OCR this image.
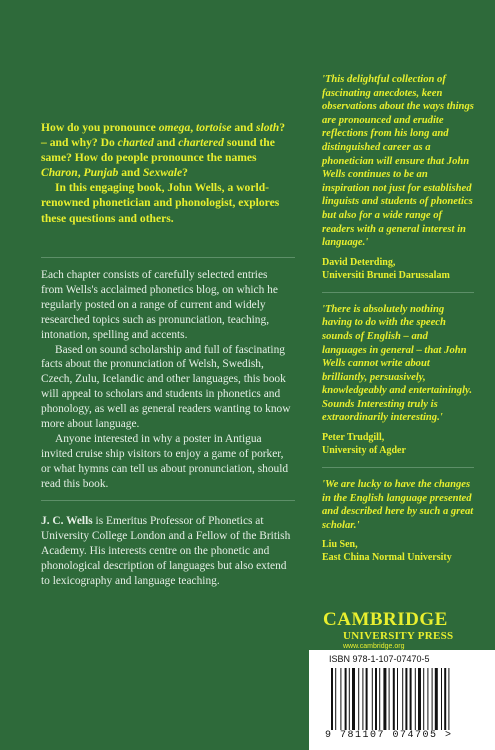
How do you pronounce omega, tortoise and sloth? – and why? Do charted and chartered sound the same? How do people pronounce the names Charon, Punjab and Sexwale?

In this engaging book, John Wells, a world-renowned phonetician and phonologist, explores these questions and others.

Each chapter consists of carefully selected entries from Wells's acclaimed phonetics blog, on which he regularly posted on a range of current and widely researched topics such as pronunciation, teaching, intonation, spelling and accents.

Based on sound scholarship and full of fascinating facts about the pronunciation of Welsh, Swedish, Czech, Zulu, Icelandic and other languages, this book will appeal to scholars and students in phonetics and phonology, as well as general readers wanting to know more about language.

Anyone interested in why a poster in Antigua invited cruise ship visitors to enjoy a game of porker, or what hymns can tell us about pronunciation, should read this book.

J. C. Wells is Emeritus Professor of Phonetics at University College London and a Fellow of the British Academy. His interests centre on the phonetic and phonological description of languages but also extend to lexicography and language teaching.

'This delightful collection of fascinating anecdotes, keen observations about the ways things are pronounced and erudite reflections from his long and distinguished career as a phonetician will ensure that John Wells continues to be an inspiration not just for established linguists and students of phonetics but also for a wide range of readers with a general interest in language.'

David Deterding,
Universiti Brunei Darussalam

'There is absolutely nothing having to do with the speech sounds of English – and languages in general – that John Wells cannot write about brilliantly, persuasively, knowledgeably and entertainingly. Sounds Interesting truly is extraordinarily interesting.'

Peter Trudgill,
University of Agder

'We are lucky to have the changes in the English language presented and described here by such a great scholar.'

Liu Sen,
East China Normal University

CAMBRIDGE
UNIVERSITY PRESS
www.cambridge.org
ISBN 978-1-107-07470-5
9 781107 074705 >
